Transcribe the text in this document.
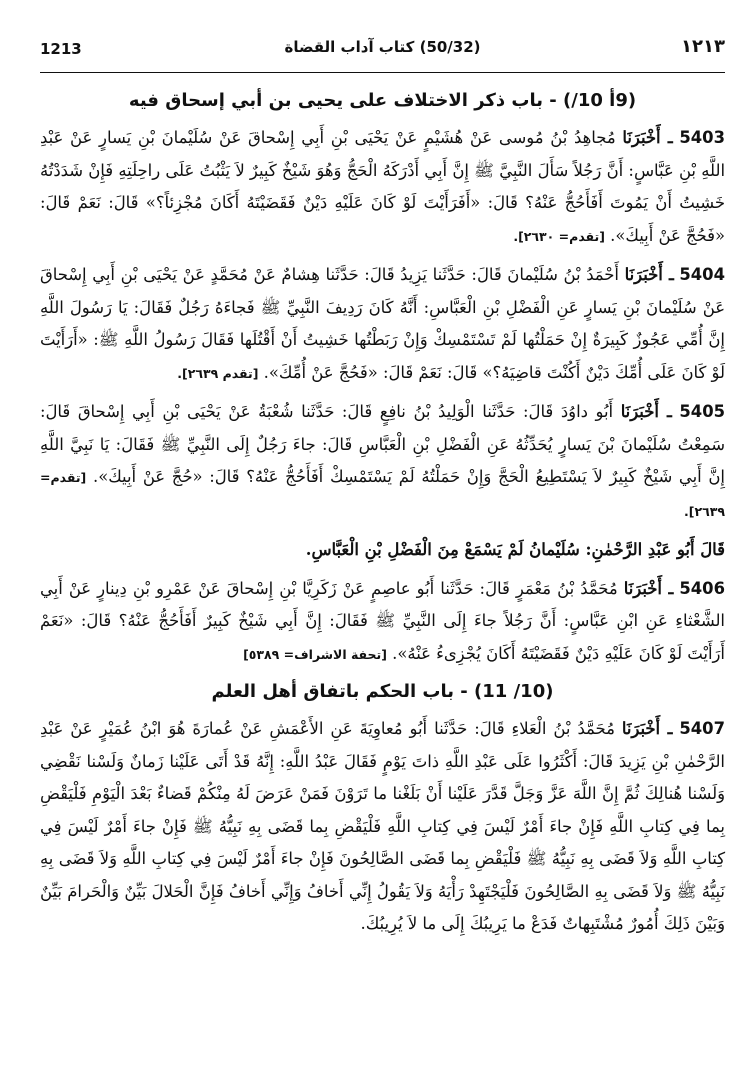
1213	(50/32) كتاب آداب القضاة	١٢١٣
(9أ 10/) - باب ذكر الاختلاف على يحيى بن أبي إسحاق فيه

5403 ـ أَخْبَرَنَا مُجاهِدُ بْنُ مُوسى عَنْ هُشَيْمٍ عَنْ يَحْيَى بْنِ أَبِي إِسْحاقَ عَنْ سُلَيْمانَ بْنِ يَسارٍ عَنْ عَبْدِ اللَّهِ بْنِ عَبَّاسٍ: أَنَّ رَجُلاً سَأَلَ النَّبِيَّ ﷺ إِنَّ أَبِي أَدْرَكَهُ الْحَجُّ وَهُوَ شَيْخٌ كَبِيرٌ لاَ يَثْبُتُ عَلَى راحِلَتِهِ فَإِنْ شَدَدْتُهُ خَشِيتُ أَنْ يَمُوتَ أَفَأَحُجُّ عَنْهُ؟ قَالَ: «أَفَرَأَيْتَ لَوْ كَانَ عَلَيْهِ دَيْنٌ فَقَضَيْتَهُ أَكَانَ مُجْزِئاً؟» قَالَ: نَعَمْ قَالَ: «فَحُجَّ عَنْ أَبِيكَ». [تقدم= ٢٦٣٠].

5404 ـ أَخْبَرَنَا أَحْمَدُ بْنُ سُلَيْمانَ قَالَ: حَدَّثَنا يَزِيدُ قَالَ: حَدَّثَنا هِشامٌ عَنْ مُحَمَّدٍ عَنْ يَحْيَى بْنِ أَبِي إِسْحاقَ عَنْ سُلَيْمانَ بْنِ يَسارٍ عَنِ الْفَضْلِ بْنِ الْعَبَّاسِ: أَنَّهُ كَانَ رَدِيفَ النَّبِيِّ ﷺ فَجاءَهُ رَجُلٌ فَقَالَ: يَا رَسُولَ اللَّهِ إِنَّ أُمِّي عَجُوزٌ كَبِيرَةٌ إِنْ حَمَلْتُها لَمْ تَسْتَمْسِكْ وَإِنْ رَبَطْتُها خَشِيتُ أَنْ أَقْتُلَها فَقَالَ رَسُولُ اللَّهِ ﷺ: «أَرَأَيْتَ لَوْ كَانَ عَلَى أُمِّكَ دَيْنٌ أَكُنْتَ قاضِيَهُ؟» قَالَ: نَعَمْ قَالَ: «فَحُجَّ عَنْ أُمِّكَ». [تقدم ٢٦٣٩].

5405 ـ أَخْبَرَنَا أَبُو داوُدَ قَالَ: حَدَّثَنا الْوَلِيدُ بْنُ نافِعٍ قَالَ: حَدَّثَنا شُعْبَةُ عَنْ يَحْيَى بْنِ أَبِي إِسْحاقَ قَالَ: سَمِعْتُ سُلَيْمانَ بْنَ يَسارٍ يُحَدِّثُهُ عَنِ الْفَضْلِ بْنِ الْعَبَّاسِ قَالَ: جاءَ رَجُلٌ إِلَى النَّبِيِّ ﷺ فَقَالَ: يَا نَبِيَّ اللَّهِ إِنَّ أَبِي شَيْخٌ كَبِيرٌ لاَ يَسْتَطِيعُ الْحَجَّ وَإِنْ حَمَلْتُهُ لَمْ يَسْتَمْسِكْ أَفَأَحُجُّ عَنْهُ؟ قَالَ: «حُجَّ عَنْ أَبِيكَ». [تقدم= ٢٦٣٩].

قَالَ أَبُو عَبْدِ الرَّحْمٰنِ: سُلَيْمانُ لَمْ يَسْمَعْ مِنَ الْفَضْلِ بْنِ الْعَبَّاسِ.

5406 ـ أَخْبَرَنَا مُحَمَّدُ بْنُ مَعْمَرٍ قَالَ: حَدَّثَنا أَبُو عاصِمٍ عَنْ زَكَرِيَّا بْنِ إِسْحاقَ عَنْ عَمْرِو بْنِ دِينارٍ عَنْ أَبِي الشَّعْثاءِ عَنِ ابْنِ عَبَّاسٍ: أَنَّ رَجُلاً جاءَ إِلَى النَّبِيِّ ﷺ فَقَالَ: إِنَّ أَبِي شَيْخٌ كَبِيرٌ أَفَأَحُجُّ عَنْهُ؟ قَالَ: «نَعَمْ أَرَأَيْتَ لَوْ كَانَ عَلَيْهِ دَيْنٌ فَقَضَيْتَهُ أَكَانَ يُجْزِىءُ عَنْهُ». [تحفة الاشراف= ٥٣٨٩]

(10/ 11) - باب الحكم باتفاق أهل العلم

5407 ـ أَخْبَرَنَا مُحَمَّدُ بْنُ الْعَلاءِ قَالَ: حَدَّثَنا أَبُو مُعاوِيَةَ عَنِ الأَعْمَشِ عَنْ عُمارَةَ هُوَ ابْنُ عُمَيْرٍ عَنْ عَبْدِ الرَّحْمٰنِ بْنِ يَزِيدَ قَالَ: أَكْثَرُوا عَلَى عَبْدِ اللَّهِ ذاتَ يَوْمٍ فَقَالَ عَبْدُ اللَّهِ: إِنَّهُ قَدْ أَتَى عَلَيْنا زَمانٌ وَلَسْنا نَقْضِي وَلَسْنا هُنالِكَ ثُمَّ إِنَّ اللَّهَ عَزَّ وَجَلَّ قَدَّرَ عَلَيْنا أَنْ بَلَغْنا ما تَرَوْنَ فَمَنْ عَرَضَ لَهُ مِنْكُمْ قَضاءٌ بَعْدَ الْيَوْمِ فَلْيَقْضِ بِما فِي كِتابِ اللَّهِ فَإِنْ جاءَ أَمْرٌ لَيْسَ فِي كِتابِ اللَّهِ فَلْيَقْضِ بِما قَضَى بِهِ نَبِيُّهُ ﷺ فَإِنْ جاءَ أَمْرٌ لَيْسَ فِي كِتابِ اللَّهِ وَلاَ قَضَى بِهِ نَبِيُّهُ ﷺ فَلْيَقْضِ بِما قَضَى الصَّالِحُونَ فَإِنْ جاءَ أَمْرٌ لَيْسَ فِي كِتابِ اللَّهِ وَلاَ قَضَى بِهِ نَبِيُّهُ ﷺ وَلاَ قَضَى بِهِ الصَّالِحُونَ فَلْيَجْتَهِدْ رَأْيَهُ وَلاَ يَقُولُ إِنِّي أَخافُ وَإِنِّي أَخافُ فَإِنَّ الْحَلالَ بَيِّنٌ وَالْحَرامَ بَيِّنٌ وَبَيْنَ ذَلِكَ أُمُورٌ مُشْتَبِهاتٌ فَدَعْ ما يَرِيبُكَ إِلَى ما لاَ يُرِيبُكَ.
